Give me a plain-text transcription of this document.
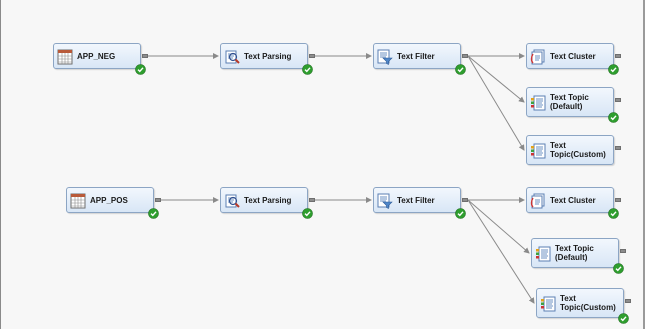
APP_NEG	Text Parsing	Text Filter	Text Cluster
Text Topic
(Default)
Text
Topic(Custom)
APP_POS	Text Parsing	Text Filter	Text Cluster
Text Topic
(Default)
Text
Topic(Custom)
